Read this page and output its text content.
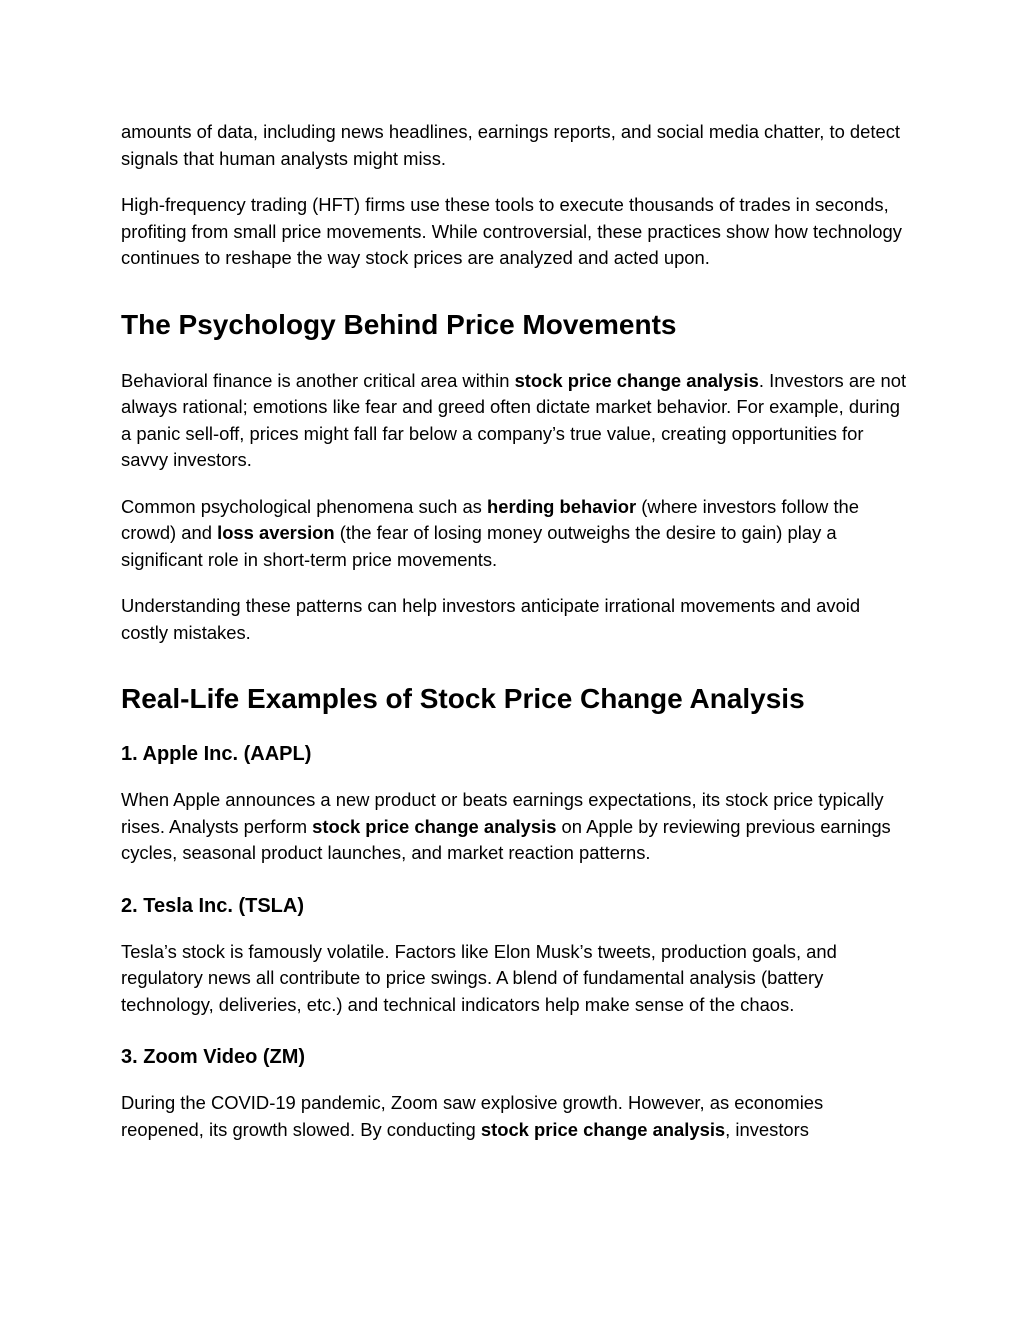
amounts of data, including news headlines, earnings reports, and social media chatter, to detect signals that human analysts might miss.

High-frequency trading (HFT) firms use these tools to execute thousands of trades in seconds, profiting from small price movements. While controversial, these practices show how technology continues to reshape the way stock prices are analyzed and acted upon.

The Psychology Behind Price Movements

Behavioral finance is another critical area within stock price change analysis. Investors are not always rational; emotions like fear and greed often dictate market behavior. For example, during a panic sell-off, prices might fall far below a company’s true value, creating opportunities for savvy investors.

Common psychological phenomena such as herding behavior (where investors follow the crowd) and loss aversion (the fear of losing money outweighs the desire to gain) play a significant role in short-term price movements.

Understanding these patterns can help investors anticipate irrational movements and avoid costly mistakes.

Real-Life Examples of Stock Price Change Analysis
1. Apple Inc. (AAPL)

When Apple announces a new product or beats earnings expectations, its stock price typically rises. Analysts perform stock price change analysis on Apple by reviewing previous earnings cycles, seasonal product launches, and market reaction patterns.

2. Tesla Inc. (TSLA)

Tesla’s stock is famously volatile. Factors like Elon Musk’s tweets, production goals, and regulatory news all contribute to price swings. A blend of fundamental analysis (battery technology, deliveries, etc.) and technical indicators help make sense of the chaos.

3. Zoom Video (ZM)

During the COVID-19 pandemic, Zoom saw explosive growth. However, as economies reopened, its growth slowed. By conducting stock price change analysis, investors
